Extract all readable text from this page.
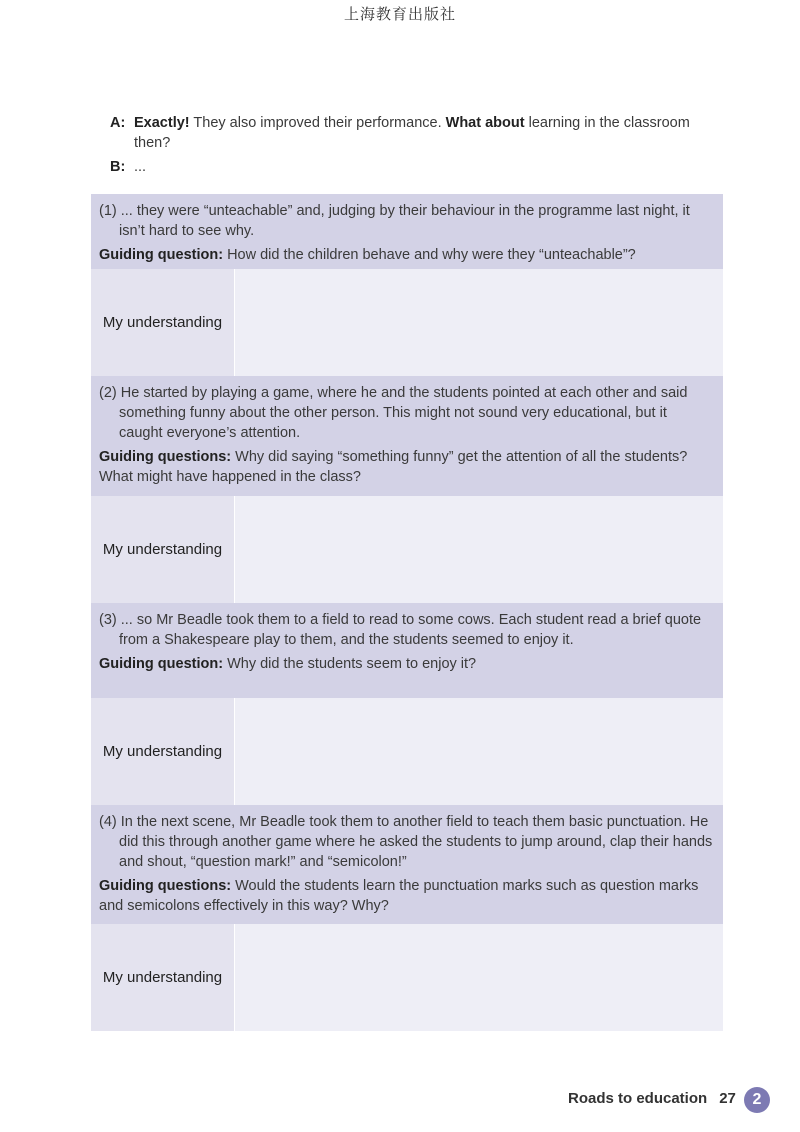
上海教育出版社
A: Exactly! They also improved their performance. What about learning in the classroom then?
B: ...

(1) ... they were “unteachable” and, judging by their behaviour in the programme last night, it isn’t hard to see why.

Guiding question: How did the children behave and why were they “unteachable”?
My understanding

(2) He started by playing a game, where he and the students pointed at each other and said something funny about the other person. This might not sound very educational, but it caught everyone’s attention.

Guiding questions: Why did saying “something funny” get the attention of all the students? What might have happened in the class?
My understanding

(3) ... so Mr Beadle took them to a field to read to some cows. Each student read a brief quote from a Shakespeare play to them, and the students seemed to enjoy it.

Guiding question: Why did the students seem to enjoy it?
My understanding

(4) In the next scene, Mr Beadle took them to another field to teach them basic punctuation. He did this through another game where he asked the students to jump around, clap their hands and shout, “question mark!” and “semicolon!”

Guiding questions: Would the students learn the punctuation marks such as question marks and semicolons effectively in this way? Why?
My understanding
Roads to education 27	2
